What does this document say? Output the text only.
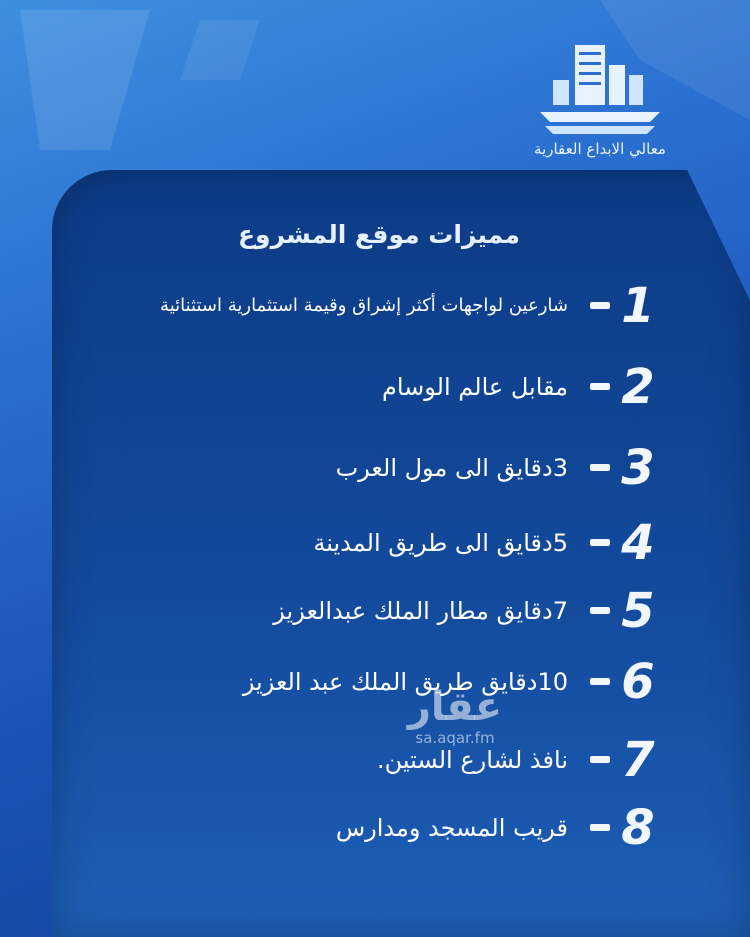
معالي الابداع العقارية
مميزات موقع المشروع
1
شارعين لواجهات أكثر إشراق وقيمة استثمارية استثنائية
2
مقابل عالم الوسام
3
3دقايق الى مول العرب
4
5دقايق الى طريق المدينة
5
7دقايق مطار الملك عبدالعزيز
6
10دقايق طريق الملك عبد العزيز
7
نافذ لشارع الستين.
8
قريب المسجد ومدارس
عقار
sa.aqar.fm
